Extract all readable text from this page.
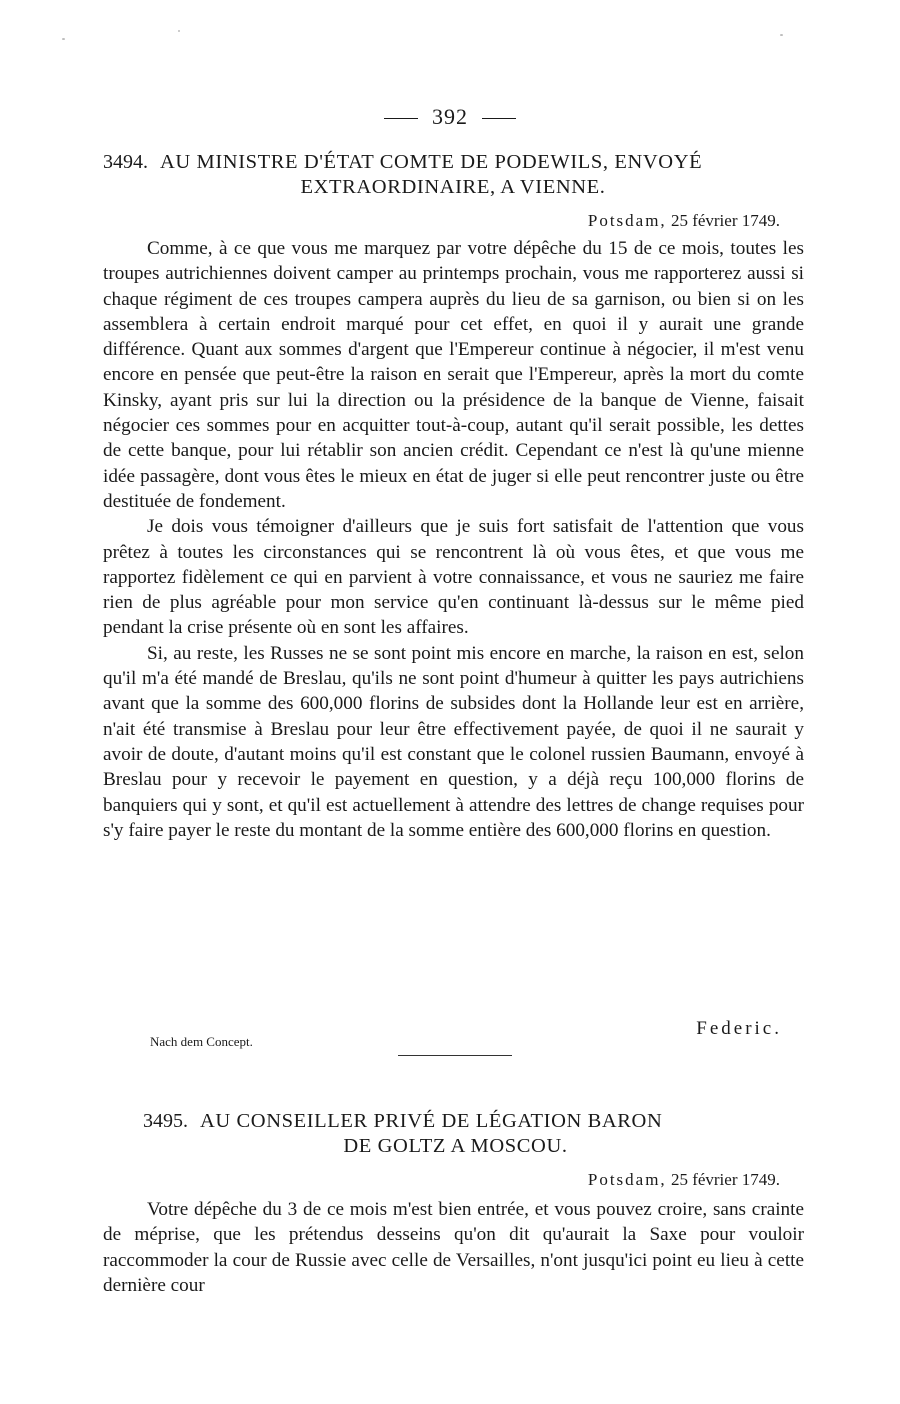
392
3494. AU MINISTRE D'ÉTAT COMTE DE PODEWILS, ENVOYÉ
EXTRAORDINAIRE, A VIENNE.
Potsdam, 25 février 1749.

Comme, à ce que vous me marquez par votre dépêche du 15 de ce mois, toutes les troupes autrichiennes doivent camper au printemps prochain, vous me rapporterez aussi si chaque régiment de ces troupes campera auprès du lieu de sa garnison, ou bien si on les assemblera à certain endroit marqué pour cet effet, en quoi il y aurait une grande différence. Quant aux sommes d'argent que l'Empereur continue à négocier, il m'est venu encore en pensée que peut-être la raison en serait que l'Empereur, après la mort du comte Kinsky, ayant pris sur lui la direction ou la présidence de la banque de Vienne, faisait négocier ces sommes pour en acquitter tout-à-coup, autant qu'il serait possible, les dettes de cette banque, pour lui rétablir son ancien crédit. Cependant ce n'est là qu'une mienne idée passagère, dont vous êtes le mieux en état de juger si elle peut rencontrer juste ou être destituée de fondement.

Je dois vous témoigner d'ailleurs que je suis fort satisfait de l'attention que vous prêtez à toutes les circonstances qui se rencontrent là où vous êtes, et que vous me rapportez fidèlement ce qui en parvient à votre connaissance, et vous ne sauriez me faire rien de plus agréable pour mon service qu'en continuant là-dessus sur le même pied pendant la crise présente où en sont les affaires.

Si, au reste, les Russes ne se sont point mis encore en marche, la raison en est, selon qu'il m'a été mandé de Breslau, qu'ils ne sont point d'humeur à quitter les pays autrichiens avant que la somme des 600,000 florins de subsides dont la Hollande leur est en arrière, n'ait été transmise à Breslau pour leur être effectivement payée, de quoi il ne saurait y avoir de doute, d'autant moins qu'il est constant que le colonel russien Baumann, envoyé à Breslau pour y recevoir le payement en question, y a déjà reçu 100,000 florins de banquiers qui y sont, et qu'il est actuellement à attendre des lettres de change requises pour s'y faire payer le reste du montant de la somme entière des 600,000 florins en question.

Federic.
Nach dem Concept.
3495. AU CONSEILLER PRIVÉ DE LÉGATION BARON
DE GOLTZ A MOSCOU.
Potsdam, 25 février 1749.

Votre dépêche du 3 de ce mois m'est bien entrée, et vous pouvez croire, sans crainte de méprise, que les prétendus desseins qu'on dit qu'aurait la Saxe pour vouloir raccommoder la cour de Russie avec celle de Versailles, n'ont jusqu'ici point eu lieu à cette dernière cour
